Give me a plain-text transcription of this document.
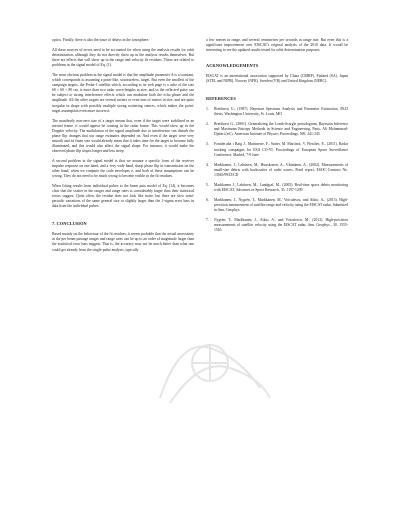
optics. Finally, there is also the issue of delays in the ionosphere.

All these sources of errors need to be accounted for when using the analysis results for orbit determination, although they do not directly show up in the analysis results themselves. But there are effects that will show up in the range and velocity fit residues. These are related to problems in the signal model of Eq. (1).

The most obvious problem in the signal model is that the amplitude parameter A is a constant, which corresponds to assuming a point-like, structureless, target. But even the smallest of the campaign targets, the Proba-1 satellite which, according to its web page is a cube of the size 60 × 60 × 80 cm, is more than two radar wave-lengths in size, and so the reflected pulse can be subject to strong interference effects which can modulate both the echo phase and the amplitude. All the other targets are several meters or even tens of meters in size, and are quite irregular in shape with possibly multiple strong scattering centres, which makes the point-target assumption even more incorrect.

The manifestly non-zero size of a target means that, even if the target were stabilised in an inertial frame, it would appear be rotating in the radar frame. This would show up in the Doppler velocity. The modulation of the signal amplitude due to interference can disturb the phase flip changes that our range estimates depended on. And even if the target were very smooth and its finite size would already mean that it takes time for the target to become fully illuminated, and this would also affect the signal shape. For instance, it would make the observed phase flip slopes longer and less steep.

A second problem in the signal model is that we assume a specific form of the receiver impulse response on one hand, and a very wide band, sharp phase flip in transmission on the other hand, when we compute the code envelopes e, and both of these assumptions can be wrong. They do not need to be much wrong to become visible in the fit residues.

When fitting results from individual pulses to the beam pass model of Eq. (14), it becomes clear that the scatter in the ranges and range rates is considerably larger than their statistical errors suggest. Quite often, the residue does not look like noise, but there are slow semi-periodic variations of the same general size or slightly larger than the 1-sigma error bars in data from the individual pulses.

7. CONCLUSION

Based mainly on the behaviour of the fit residues, it seems probable that the actual uncertainty in the per beam passage ranges and range rates can be up to an order of magnitude larger than the statistical error bars suggest. That is, the accuracy may not be much better than what one could get already from the single-pulse analysis, typically

a few metres in range, and several centimetres per seconds in range rate. But even this is a significant improvement over EISCAT's original analysis of the 2010 data. It would be interesting to see the updated results tested for orbit determination purposes.

ACKNOWLEDGEMENTS

EISCAT is an international association supported by China (CRIRP), Finland (SA), Japan (STEL and NIPR), Norway (NFR), Sweden (VR) and United Kingdom (NERC).

REFERENCES
1.	Bretthorst G., (1987). Bayesian Spectrum Analysis and Parameter Estimation, Ph.D thesis, Washington University, St. Louis, MO
2.	Bretthorst G., (2001). Generalizing the Lomb-Scargle periodogram, Bayesian Inference and Maximum Entropy Methods in Science and Engineering, Paris, Ali Mohammad-Djafari (ed.). American Institute of Physics Proceedings, 569, 241-245
3.	Fontdecaba i Baig J., Martinerie, F., Sutter, M. Martinot, V. Fletcher, E., (2011). Radar tracking campaigns for ESA CO-VI, Proceedings of European Space Surveillance Conference, Madrid, 7-9 June
4.	Markkanen, J., Lehtinen, M., Huuskonen, A., Väänänen, A., (2002). Measurements of small-size debris with backscatter of radio waves. Final report, ESOC Contract No. 13945/99/D/CD
5.	Markkanen J., Lehtinen, M., Landgraf, M., (2005). Real-time space debris monitoring with EISCAT, Advances in Space Research, 35, 1197-1209
6.	Markkanen, J., Nygrén, T., Markkanen, M., Voiculescu, and Aikio, A., (2013). High-precision measurement of satellite range and velocity using the EISCAT radar, Submitted in Ann. Geophys.
7.	Nygrén, T., Markkanen, J., Aikio, A., and Voiculescu, M., (2012). High-precision measurements of satellite velocity using the EISCAT radar, Ann. Geophys., 30, 1555-1565
